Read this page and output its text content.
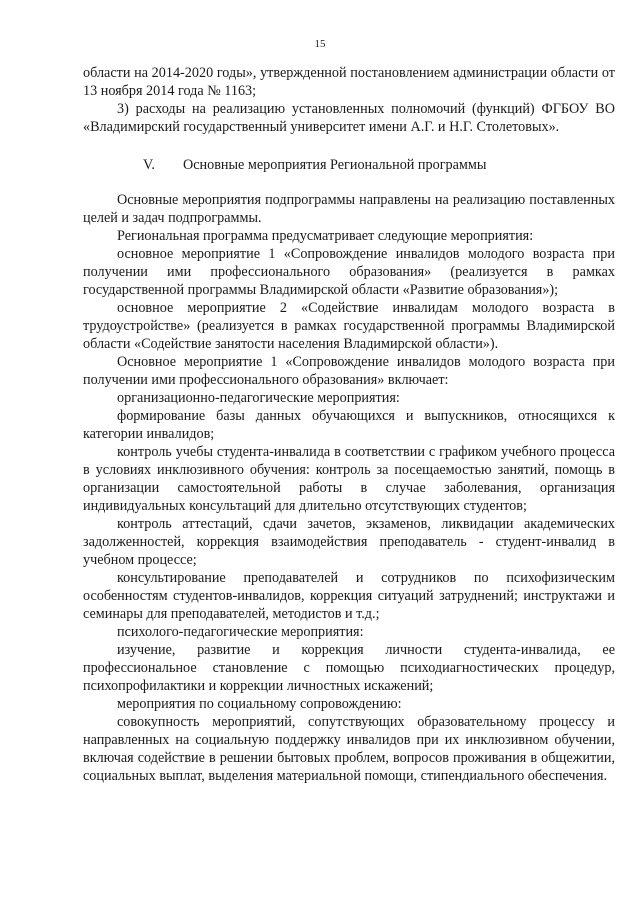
15

области на 2014-2020 годы», утвержденной постановлением администрации области от 13 ноября 2014 года № 1163;

3) расходы на реализацию установленных полномочий (функций) ФГБОУ ВО «Владимирский государственный университет имени А.Г. и Н.Г. Столетовых».

V. Основные мероприятия Региональной программы

Основные мероприятия подпрограммы направлены на реализацию поставленных целей и задач подпрограммы.

Региональная программа предусматривает следующие мероприятия:

основное мероприятие 1 «Сопровождение инвалидов молодого возраста при получении ими профессионального образования» (реализуется в рамках государственной программы Владимирской области «Развитие образования»);

основное мероприятие 2 «Содействие инвалидам молодого возраста в трудоустройстве» (реализуется в рамках государственной программы Владимирской области «Содействие занятости населения Владимирской области»).

Основное мероприятие 1 «Сопровождение инвалидов молодого возраста при получении ими профессионального образования» включает:

организационно-педагогические мероприятия:

формирование базы данных обучающихся и выпускников, относящихся к категории инвалидов;

контроль учебы студента-инвалида в соответствии с графиком учебного процесса в условиях инклюзивного обучения: контроль за посещаемостью занятий, помощь в организации самостоятельной работы в случае заболевания, организация индивидуальных консультаций для длительно отсутствующих студентов;

контроль аттестаций, сдачи зачетов, экзаменов, ликвидации академических задолженностей, коррекция взаимодействия преподаватель - студент-инвалид в учебном процессе;

консультирование преподавателей и сотрудников по психофизическим особенностям студентов-инвалидов, коррекция ситуаций затруднений; инструктажи и семинары для преподавателей, методистов и т.д.;

психолого-педагогические мероприятия:

изучение, развитие и коррекция личности студента-инвалида, ее профессиональное становление с помощью психодиагностических процедур, психопрофилактики и коррекции личностных искажений;

мероприятия по социальному сопровождению:

совокупность мероприятий, сопутствующих образовательному процессу и направленных на социальную поддержку инвалидов при их инклюзивном обучении, включая содействие в решении бытовых проблем, вопросов проживания в общежитии, социальных выплат, выделения материальной помощи, стипендиального обеспечения.
